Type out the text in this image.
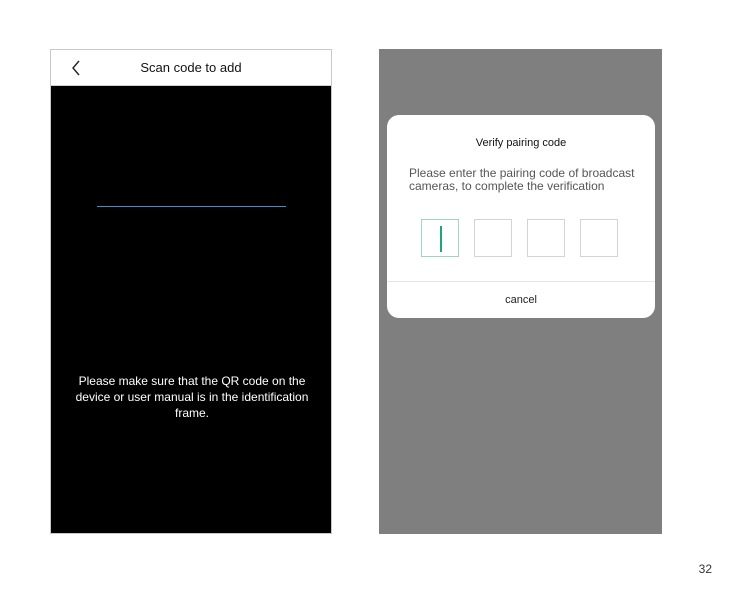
Scan code to add
Please make sure that the QR code on the device or user manual is in the identification frame.
Verify pairing code
Please enter the pairing code of broadcast cameras, to complete the verification
cancel
32
